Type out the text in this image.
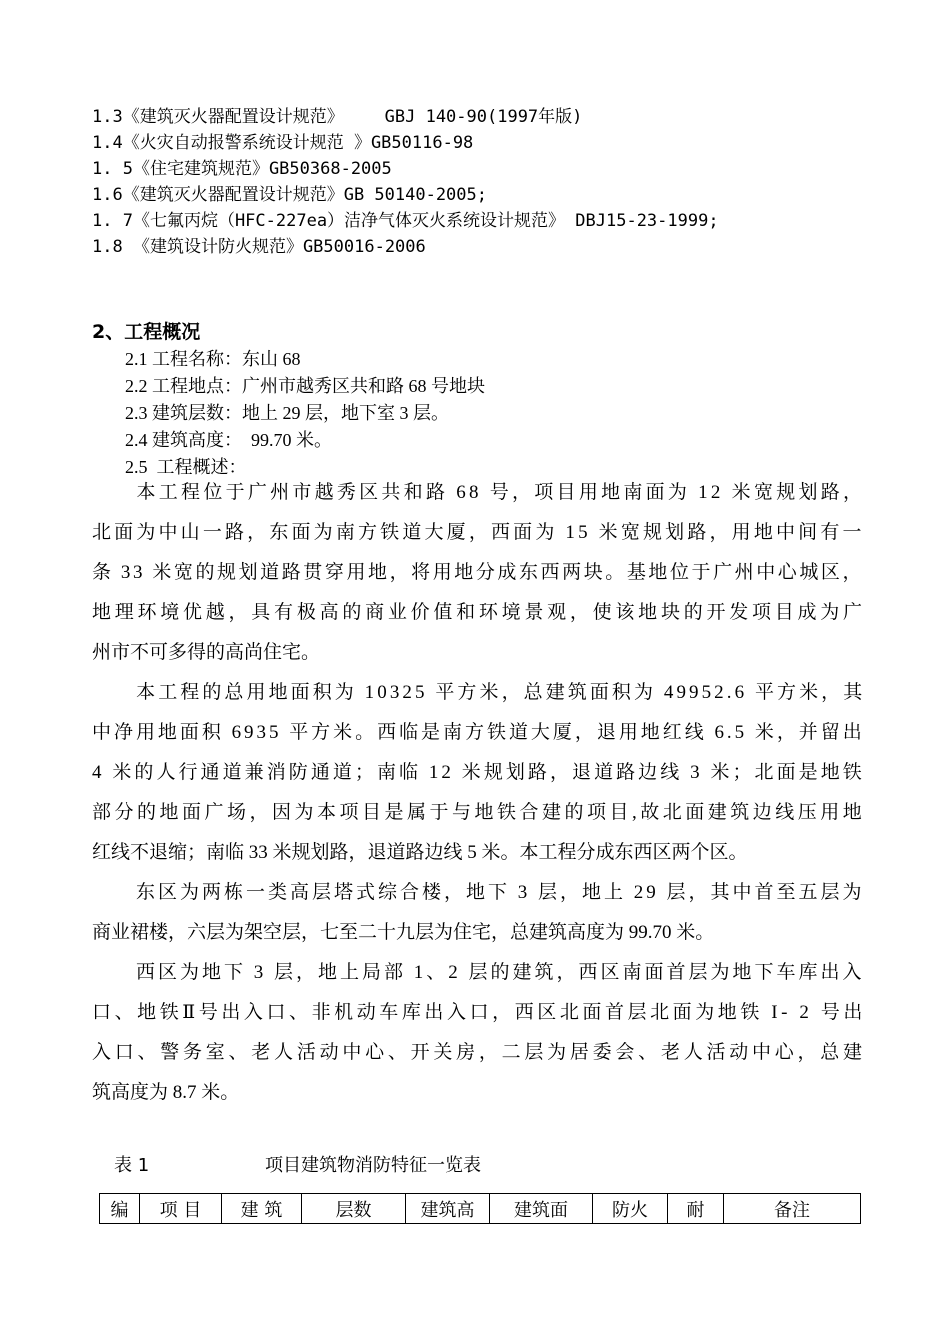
1.3《建筑灭火器配置设计规范》    GBJ 140-90(1997年版)
1.4《火灾自动报警系统设计规范 》GB50116-98
1. 5《住宅建筑规范》GB50368-2005
1.6《建筑灭火器配置设计规范》GB 50140-2005;
1. 7《七氟丙烷（HFC-227ea）洁净气体灭火系统设计规范》 DBJ15-23-1999;
1.8 《建筑设计防火规范》GB50016-2006
2、工程概况
2.1 工程名称：东山 68
2.2 工程地点：广州市越秀区共和路 68 号地块
2.3 建筑层数：地上 29 层，地下室 3 层。
2.4 建筑高度：  99.70 米。
2.5  工程概述：
　　本工程位于广州市越秀区共和路 68 号，项目用地南面为 12 米宽规划路，
北面为中山一路，东面为南方铁道大厦，西面为 15 米宽规划路，用地中间有一
条 33 米宽的规划道路贯穿用地，将用地分成东西两块。基地位于广州中心城区，
地理环境优越，具有极高的商业价值和环境景观，使该地块的开发项目成为广
州市不可多得的高尚住宅。
　　本工程的总用地面积为 10325 平方米，总建筑面积为 49952.6 平方米，其
中净用地面积 6935 平方米。西临是南方铁道大厦，退用地红线 6.5 米，并留出
4 米的人行通道兼消防通道；南临 12 米规划路，退道路边线 3 米；北面是地铁
部分的地面广场，因为本项目是属于与地铁合建的项目,故北面建筑边线压用地
红线不退缩；南临 33 米规划路，退道路边线 5 米。本工程分成东西区两个区。
　　东区为两栋一类高层塔式综合楼，地下 3 层，地上 29 层，其中首至五层为
商业裙楼，六层为架空层，七至二十九层为住宅，总建筑高度为 99.70 米。
　　西区为地下 3 层，地上局部 1、2 层的建筑，西区南面首层为地下车库出入
口、地铁Ⅱ号出入口、非机动车库出入口，西区北面首层北面为地铁 I- 2 号出
入口、警务室、老人活动中心、开关房，二层为居委会、老人活动中心，总建
筑高度为 8.7 米。
表 1	项目建筑物消防特征一览表
编	项 目	建 筑	层数	建筑高	建筑面	防火	耐	备注
